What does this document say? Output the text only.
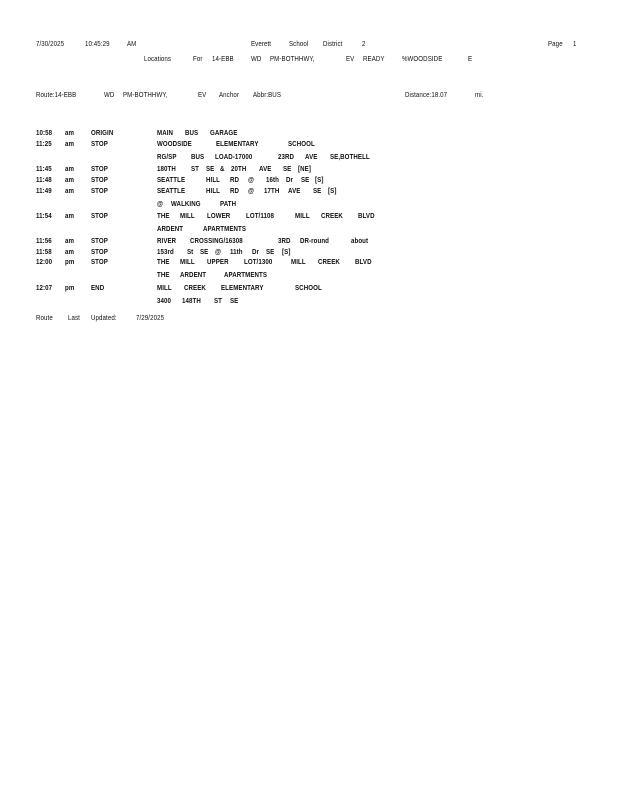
7/30/2025	10:45:29 AM	Everett School District	2	Page 1
Locations	For 14-EBB WD PM-BOTHHWY,	EV READY %WOODSIDE	E
Route:14-EBB	WD PM-BOTHHWY,	EV Anchor Abbr:BUS	Distance:18.07	mi.
10:58 am ORIGIN	MAIN BUS GARAGE
11:25 am STOP	WOODSIDE	ELEMENTARY	SCHOOL
RG/SP BUS LOAD-17000	23RD AVE SE,BOTHELL
11:45 am STOP	180TH ST SE & 20TH AVE SE [NE]
11:48 am STOP	SEATTLE	HILL RD @ 16th Dr SE [S]
11:49 am STOP	SEATTLE	HILL RD @ 17TH AVE SE [S]
@ WALKING	PATH
11:54 am STOP	THE MILL LOWER LOT/1108	MILL CREEK BLVD
ARDENT	APARTMENTS
11:56 am STOP	RIVER CROSSING/16308	3RD DR-round	about
11:58 am STOP	153rd St SE @ 11th Dr SE [S]
12:00 pm STOP	THE MILL UPPER LOT/1300 MILL CREEK BLVD
THE ARDENT APARTMENTS
12:07 pm END	MILL CREEK ELEMENTARY	SCHOOL
3400 148TH ST SE
Route Last Updated:	7/29/2025
